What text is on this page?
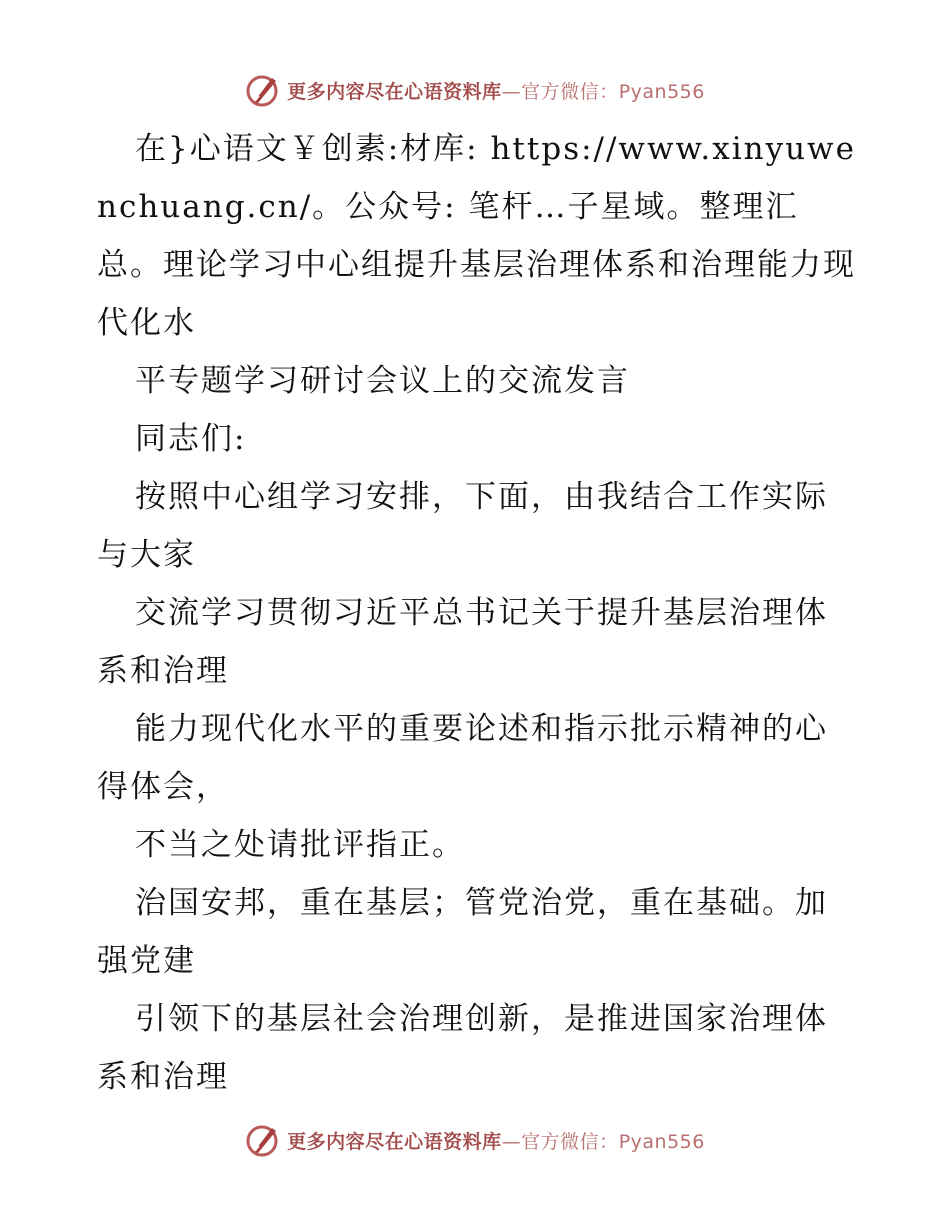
更多内容尽在心语资料库—官方微信：Pyan556

在}心语文￥创素:材库: https://www.xinyuwenchuang.cn/。公众号: 笔杆…子星域。整理汇总。理论学习中心组提升基层治理体系和治理能力现代化水

平专题学习研讨会议上的交流发言

同志们:

按照中心组学习安排，下面，由我结合工作实际与大家

交流学习贯彻习近平总书记关于提升基层治理体系和治理

能力现代化水平的重要论述和指示批示精神的心得体会，

不当之处请批评指正。

治国安邦，重在基层；管党治党，重在基础。加强党建

引领下的基层社会治理创新，是推进国家治理体系和治理

更多内容尽在心语资料库—官方微信：Pyan556
